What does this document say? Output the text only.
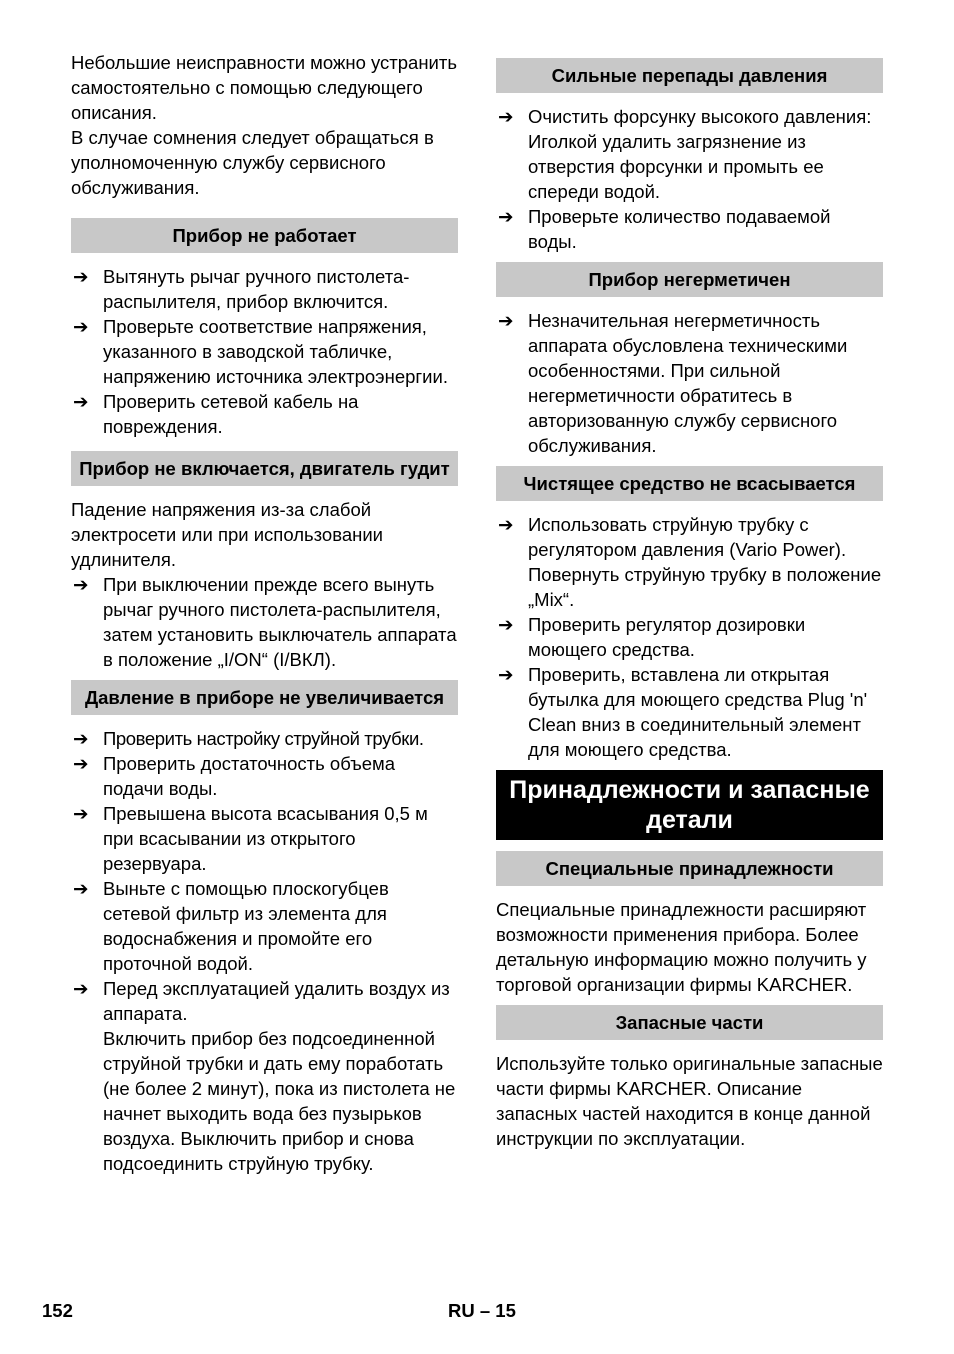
Небольшие неисправности можно устранить самостоятельно с помощью следующего описания.

В случае сомнения следует обращаться в уполномоченную службу сервисного обслуживания.

Прибор не работает
➔ Вытянуть рычаг ручного пистолета-распылителя, прибор включится.
➔ Проверьте соответствие напряжения, указанного в заводской табличке, напряжению источника электроэнергии.
➔ Проверить сетевой кабель на повреждения.
Прибор не включается, двигатель гудит

Падение напряжения из-за слабой электросети или при использовании удлинителя.

➔ При выключении прежде всего вынуть рычаг ручного пистолета-распылителя, затем установить выключатель аппарата в положение „I/ON“ (I/ВКЛ).
Давление в приборе не увеличивается
➔ Проверить настройку струйной трубки.
➔ Проверить достаточность объема подачи воды.
➔ Превышена высота всасывания 0,5 м при всасывании из открытого резервуара.
➔ Выньте с помощью плоскогубцев сетевой фильтр из элемента для водоснабжения и промойте его проточной водой.
➔ Перед эксплуатацией удалить воздух из аппарата.
Включить прибор без подсоединенной струйной трубки и дать ему поработать (не более 2 минут), пока из пистолета не начнет выходить вода без пузырьков воздуха. Выключить прибор и снова подсоединить струйную трубку.
Сильные перепады давления
➔ Очистить форсунку высокого давления: Иголкой удалить загрязнение из отверстия форсунки и промыть ее спереди водой.
➔ Проверьте количество подаваемой воды.
Прибор негерметичен
➔ Незначительная негерметичность аппарата обусловлена техническими особенностями. При сильной негерметичности обратитесь в авторизованную службу сервисного обслуживания.
Чистящее средство не всасывается
➔ Использовать струйную трубку с регулятором давления (Vario Power). Повернуть струйную трубку в положение „Mix“.
➔ Проверить регулятор дозировки моющего средства.
➔ Проверить, вставлена ли открытая бутылка для моющего средства Plug 'n' Clean вниз в соединительный элемент для моющего средства.
Принадлежности и запасные детали
Специальные принадлежности

Специальные принадлежности расширяют возможности применения прибора. Более детальную информацию можно получить у торговой организации фирмы KARCHER.

Запасные части

Используйте только оригинальные запасные части фирмы KARCHER. Описание запасных частей находится в конце данной инструкции по эксплуатации.

152	RU – 15
